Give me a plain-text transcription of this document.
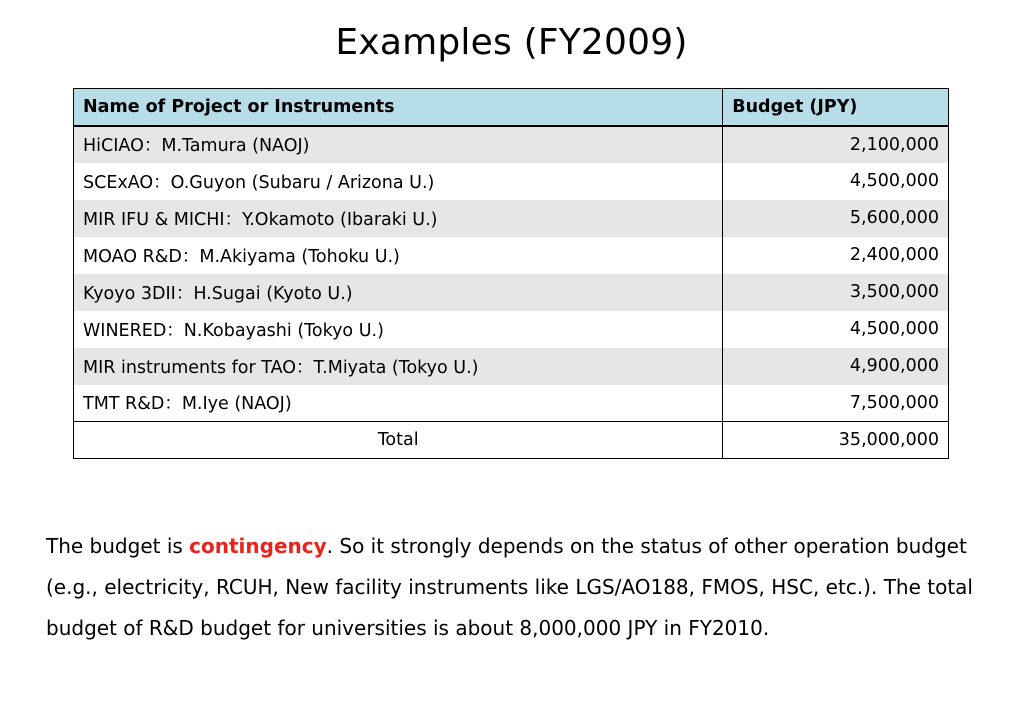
Examples (FY2009)
Name of Project or Instruments	Budget (JPY)
HiCIAO：M.Tamura (NAOJ)	2,100,000
SCExAO：O.Guyon (Subaru / Arizona U.)	4,500,000
MIR IFU & MICHI：Y.Okamoto (Ibaraki U.)	5,600,000
MOAO R&D：M.Akiyama (Tohoku U.)	2,400,000
Kyoyo 3DII：H.Sugai (Kyoto U.)	3,500,000
WINERED：N.Kobayashi (Tokyo U.)	4,500,000
MIR instruments for TAO：T.Miyata (Tokyo U.)	4,900,000
TMT R&D：M.Iye (NAOJ)	7,500,000
Total	35,000,000

The budget is contingency. So it strongly depends on the status of other operation budget (e.g., electricity, RCUH, New facility instruments like LGS/AO188, FMOS, HSC, etc.). The total budget of R&D budget for universities is about 8,000,000 JPY in FY2010.
